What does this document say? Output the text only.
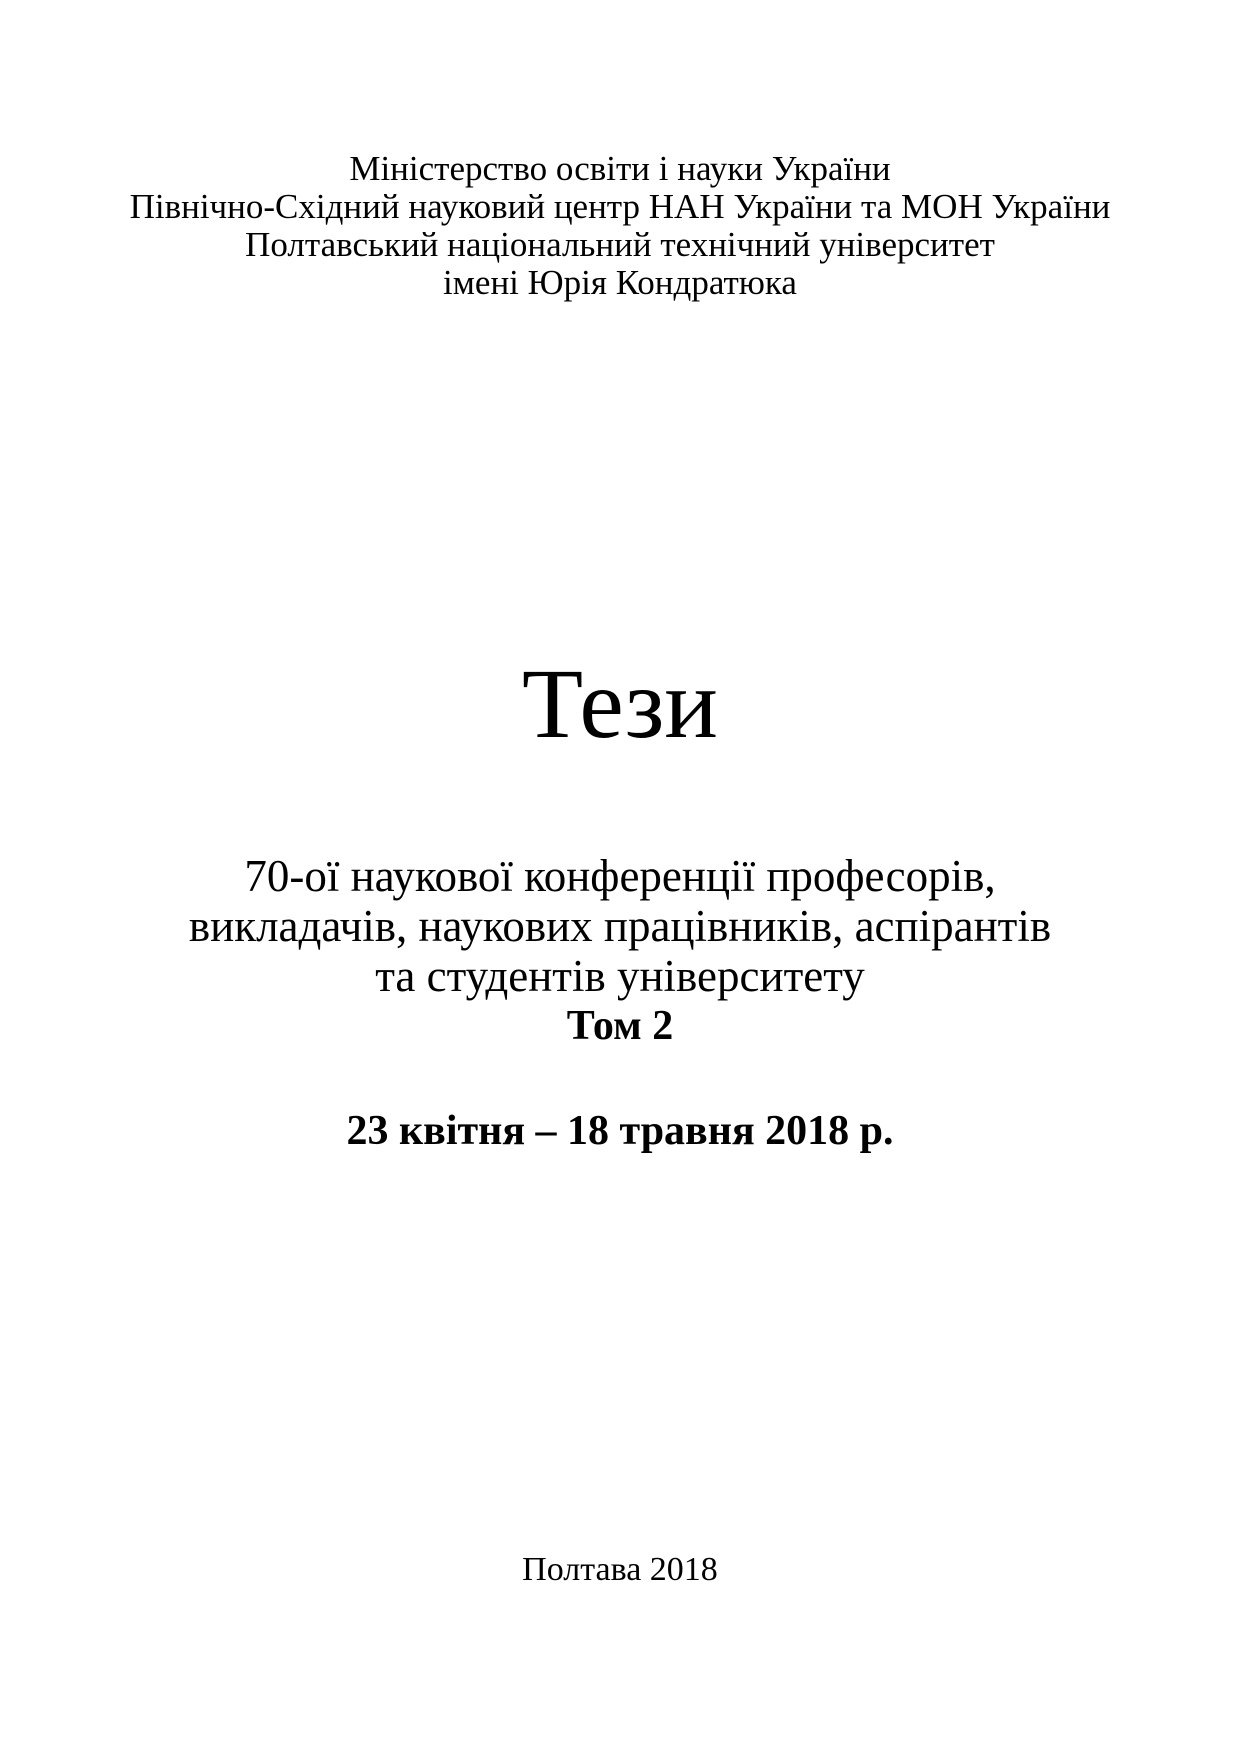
Міністерство освіти і науки України
Північно-Східний науковий центр НАН України та МОН України
Полтавський національний технічний університет
імені Юрія Кондратюка
Тези
70-ої наукової конференції професорів,
викладачів, наукових працівників, аспірантів
та студентів університету
Том 2
23 квітня – 18 травня 2018 р.
Полтава 2018
